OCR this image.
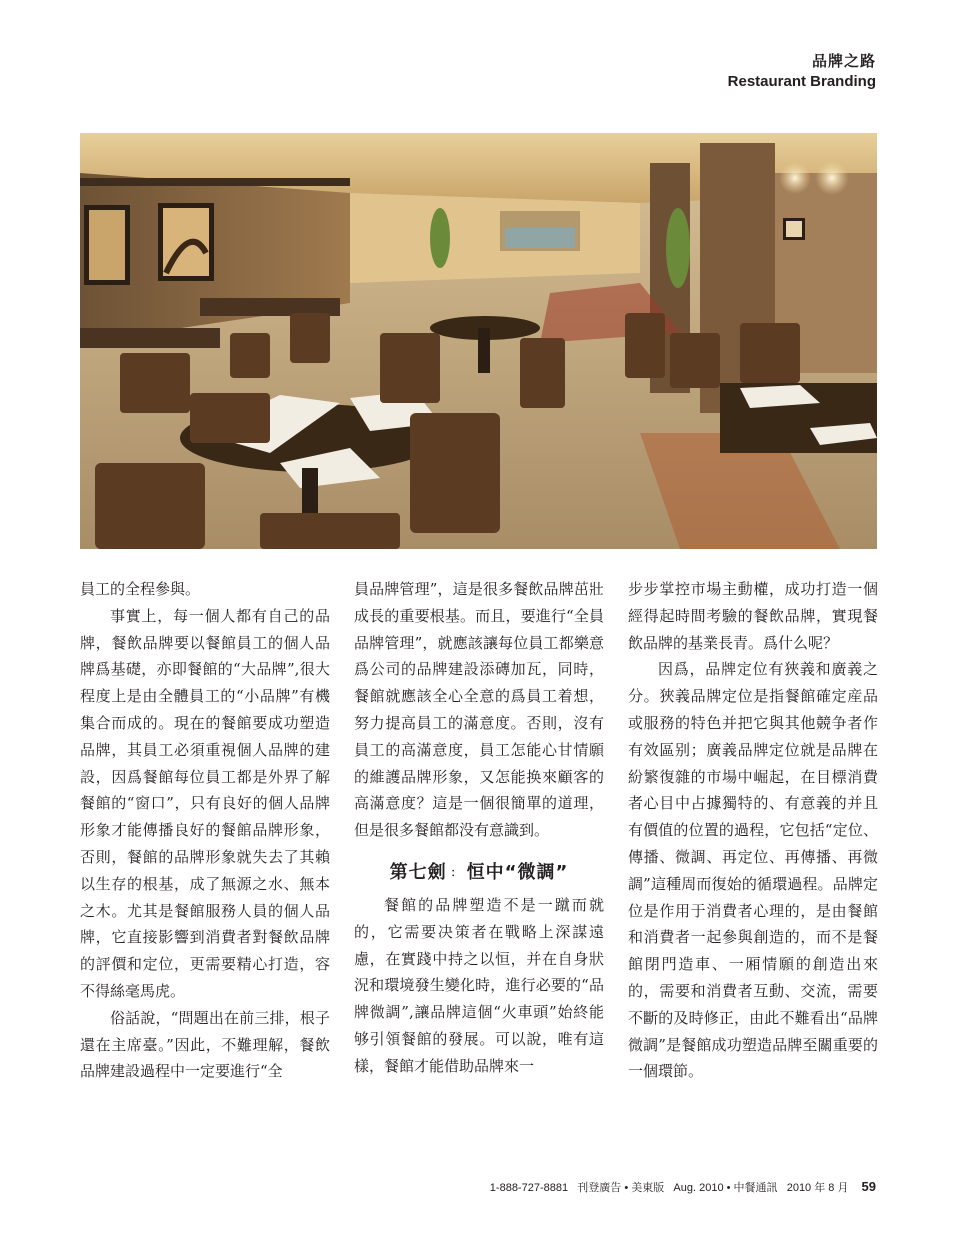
品牌之路
Restaurant Branding

員工的全程參與。

事實上，每一個人都有自己的品牌，餐飲品牌要以餐館員工的個人品牌爲基礎，亦即餐館的“大品牌”,很大程度上是由全體員工的“小品牌”有機集合而成的。現在的餐館要成功塑造品牌，其員工必須重視個人品牌的建設，因爲餐館每位員工都是外界了解餐館的“窗口”，只有良好的個人品牌形象才能傳播良好的餐館品牌形象，否則，餐館的品牌形象就失去了其賴以生存的根基，成了無源之水、無本之木。尤其是餐館服務人員的個人品牌，它直接影響到消費者對餐飲品牌的評價和定位，更需要精心打造，容不得絲毫馬虎。

俗話說，“問題出在前三排，根子還在主席臺。”因此，不難理解，餐飲品牌建設過程中一定要進行“全

員品牌管理”，這是很多餐飲品牌茁壯成長的重要根基。而且，要進行“全員品牌管理”，就應該讓每位員工都樂意爲公司的品牌建設添磚加瓦，同時，餐館就應該全心全意的爲員工着想，努力提高員工的滿意度。否則，沒有員工的高滿意度，員工怎能心甘情願的維護品牌形象，又怎能换來顧客的高滿意度？這是一個很簡單的道理，但是很多餐館都没有意識到。

第七劍 ： 恒中“微調”

餐館的品牌塑造不是一蹴而就的，它需要决策者在戰略上深謀遠慮，在實踐中持之以恒，并在自身狀況和環境發生變化時，進行必要的“品牌微調”,讓品牌這個“火車頭”始終能够引領餐館的發展。可以說，唯有這樣，餐館才能借助品牌來一

步步掌控市場主動權，成功打造一個經得起時間考驗的餐飲品牌，實現餐飲品牌的基業長青。爲什么呢？

因爲，品牌定位有狹義和廣義之分。狹義品牌定位是指餐館確定産品或服務的特色并把它與其他競争者作有效區别；廣義品牌定位就是品牌在紛繁復雜的市場中崛起，在目標消費者心目中占據獨特的、有意義的并且有價值的位置的過程，它包括“定位、傳播、微調、再定位、再傳播、再微調”這種周而復始的循環過程。品牌定位是作用于消費者心理的，是由餐館和消費者一起參與創造的，而不是餐館閉門造車、一厢情願的創造出來的，需要和消費者互動、交流，需要不斷的及時修正，由此不難看出“品牌微調”是餐館成功塑造品牌至關重要的一個環節。

1-888-727-8881 刊登廣告 • 美東版 Aug. 2010 • 中餐通訊 2010 年 8 月 59
